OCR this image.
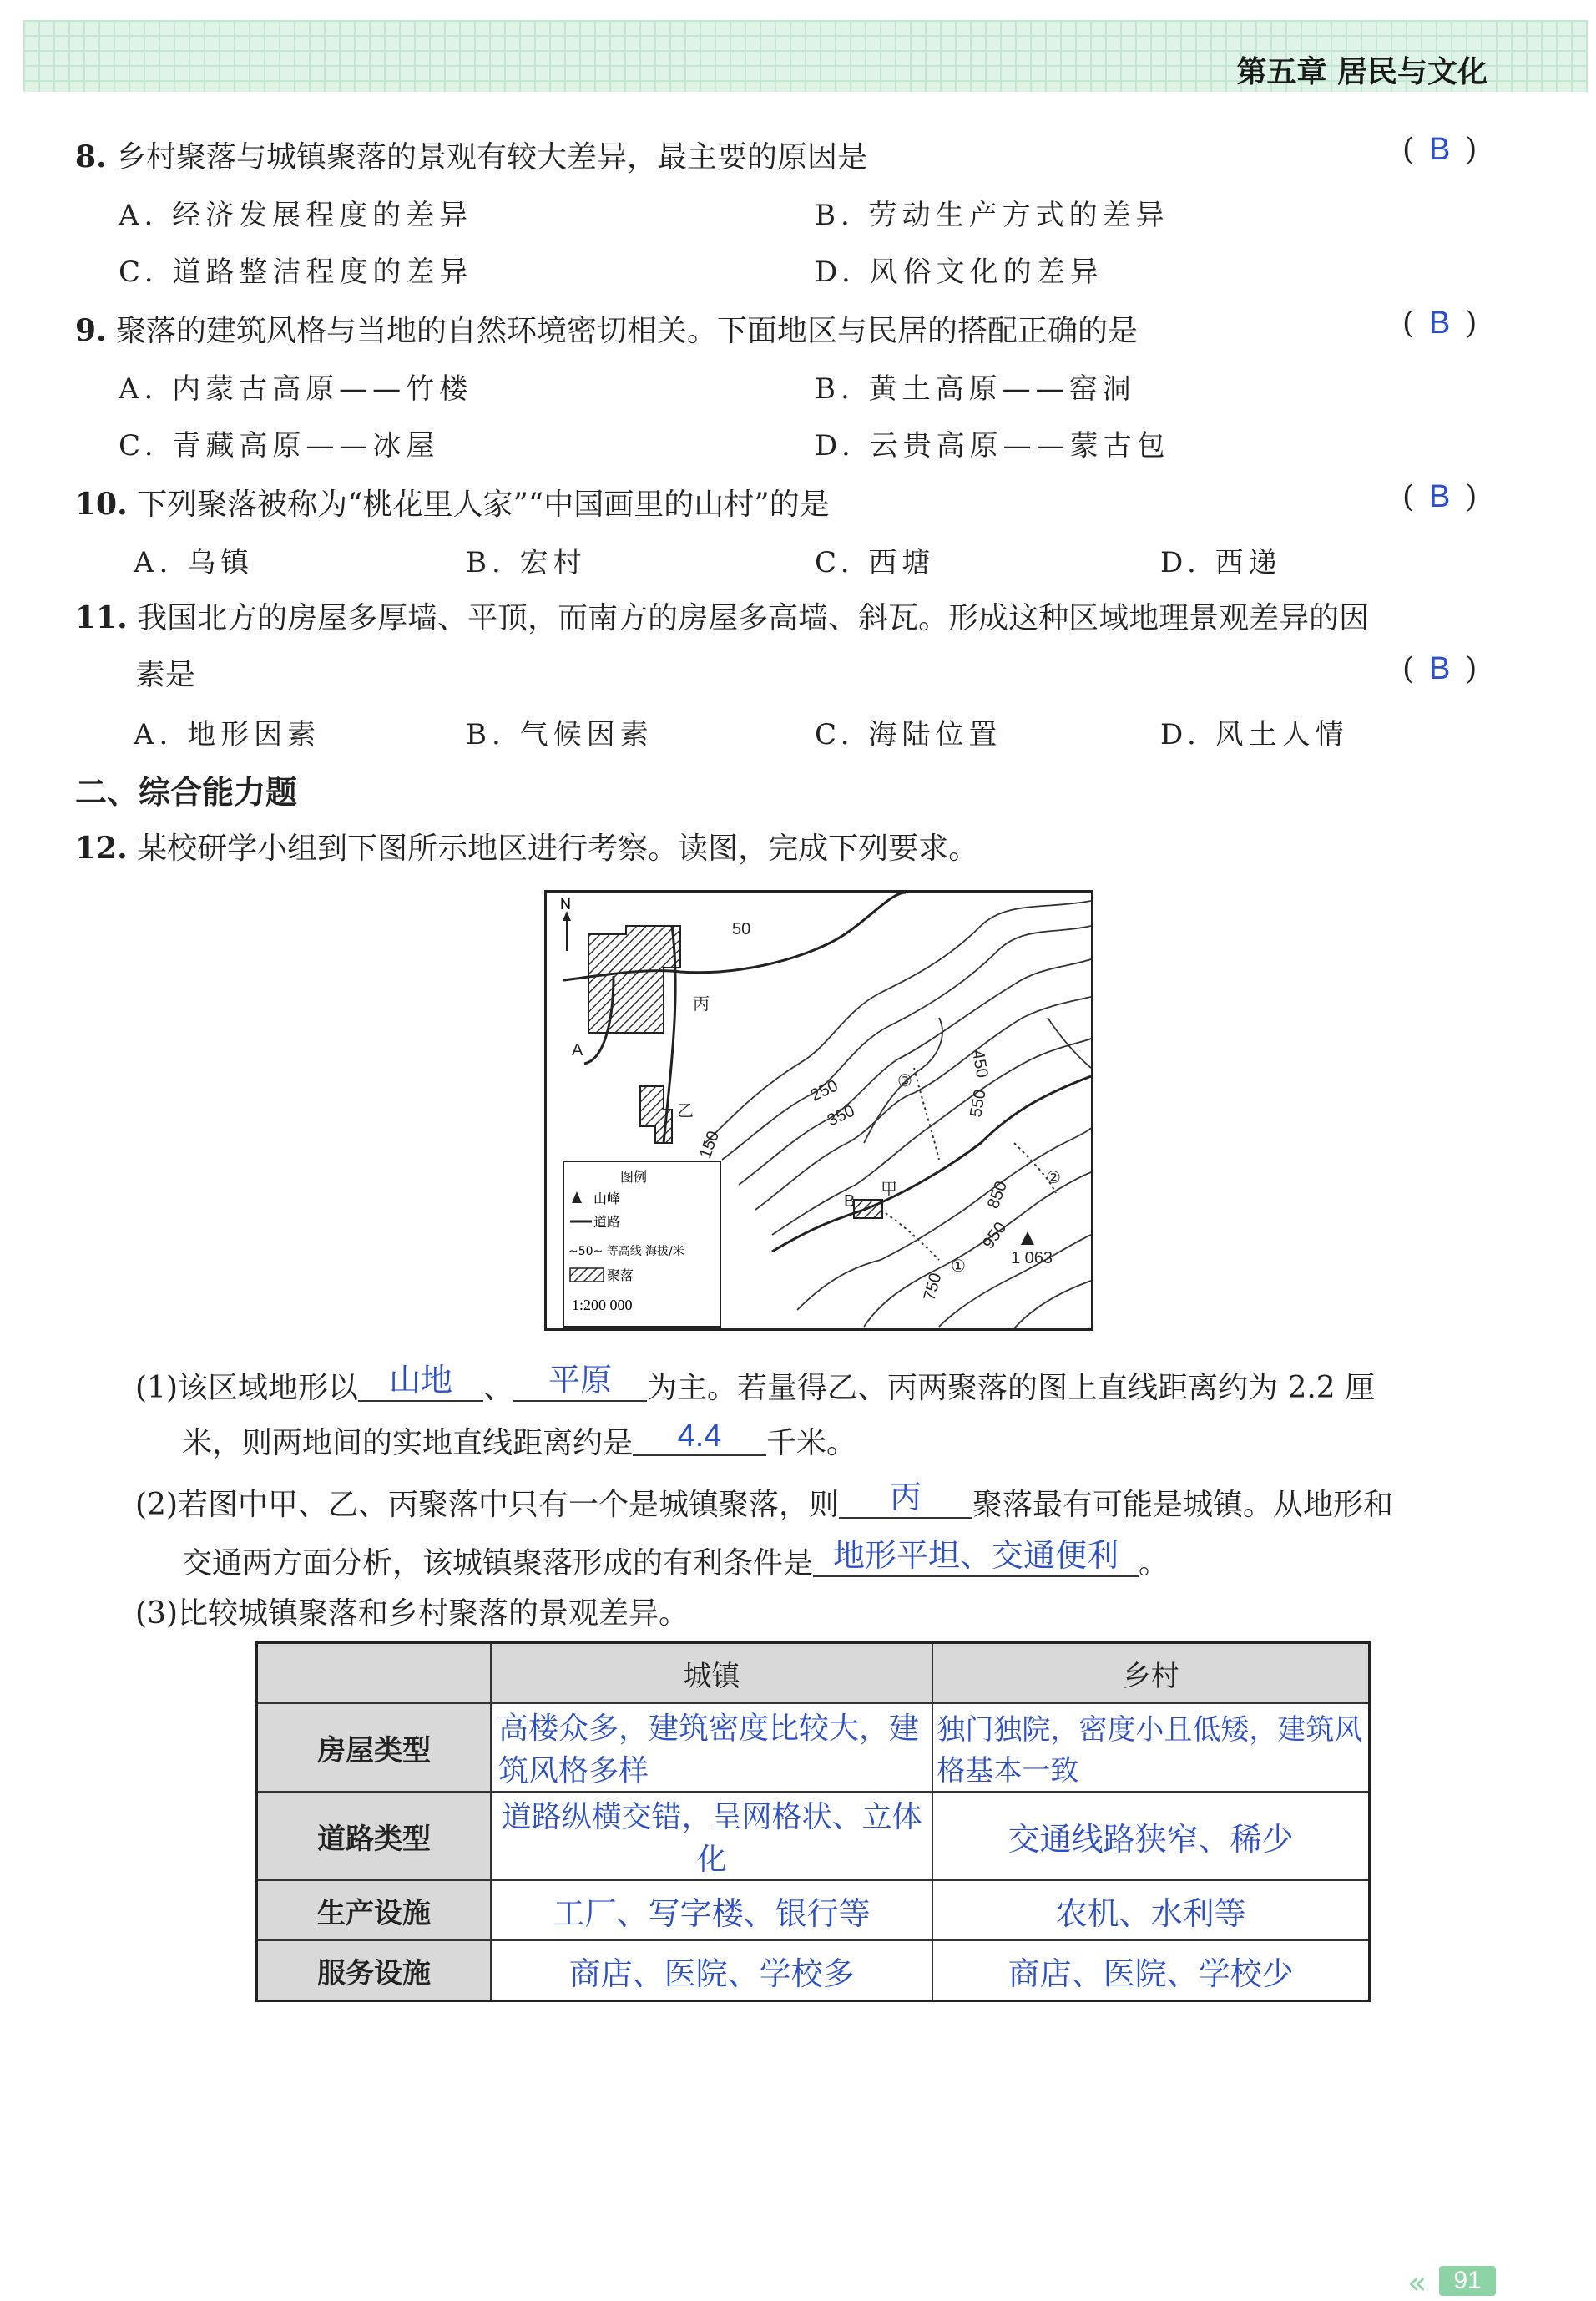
第五章 居民与文化
8. 乡村聚落与城镇聚落的景观有较大差异，最主要的原因是	( B )
A. 经济发展程度的差异	B. 劳动生产方式的差异
C. 道路整洁程度的差异	D. 风俗文化的差异
9. 聚落的建筑风格与当地的自然环境密切相关。下面地区与民居的搭配正确的是	( B )
A. 内蒙古高原——竹楼	B. 黄土高原——窑洞
C. 青藏高原——冰屋	D. 云贵高原——蒙古包
10. 下列聚落被称为“桃花里人家”“中国画里的山村”的是	( B )
A. 乌镇	B. 宏村	C. 西塘	D. 西递
11. 我国北方的房屋多厚墙、平顶，而南方的房屋多高墙、斜瓦。形成这种区域地理景观差异的因
素是	( B )
A. 地形因素	B. 气候因素	C. 海陆位置	D. 风土人情
二、综合能力题
12. 某校研学小组到下图所示地区进行考察。读图，完成下列要求。
N
50
丙
A
乙
150
250
350
450
550
850
950
750
甲
B
1 063
①
②
③
图例
山峰
道路
~50~ 等高线 海拔/米
聚落
1:200 000
(1)该区域地形以 山地 、 平原 为主。若量得乙、丙两聚落的图上直线距离约为 2.2 厘
米，则两地间的实地直线距离约是 4.4 千米。
(2)若图中甲、乙、丙聚落中只有一个是城镇聚落，则 丙 聚落最有可能是城镇。从地形和
交通两方面分析，该城镇聚落形成的有利条件是 地形平坦、交通便利 。
(3)比较城镇聚落和乡村聚落的景观差异。
	城镇	乡村
房屋类型	高楼众多，建筑密度比较大，建筑风格多样	独门独院，密度小且低矮，建筑风格基本一致
道路类型	道路纵横交错，呈网格状、立体化	交通线路狭窄、稀少
生产设施	工厂、写字楼、银行等	农机、水利等
服务设施	商店、医院、学校多	商店、医院、学校少
«	91
